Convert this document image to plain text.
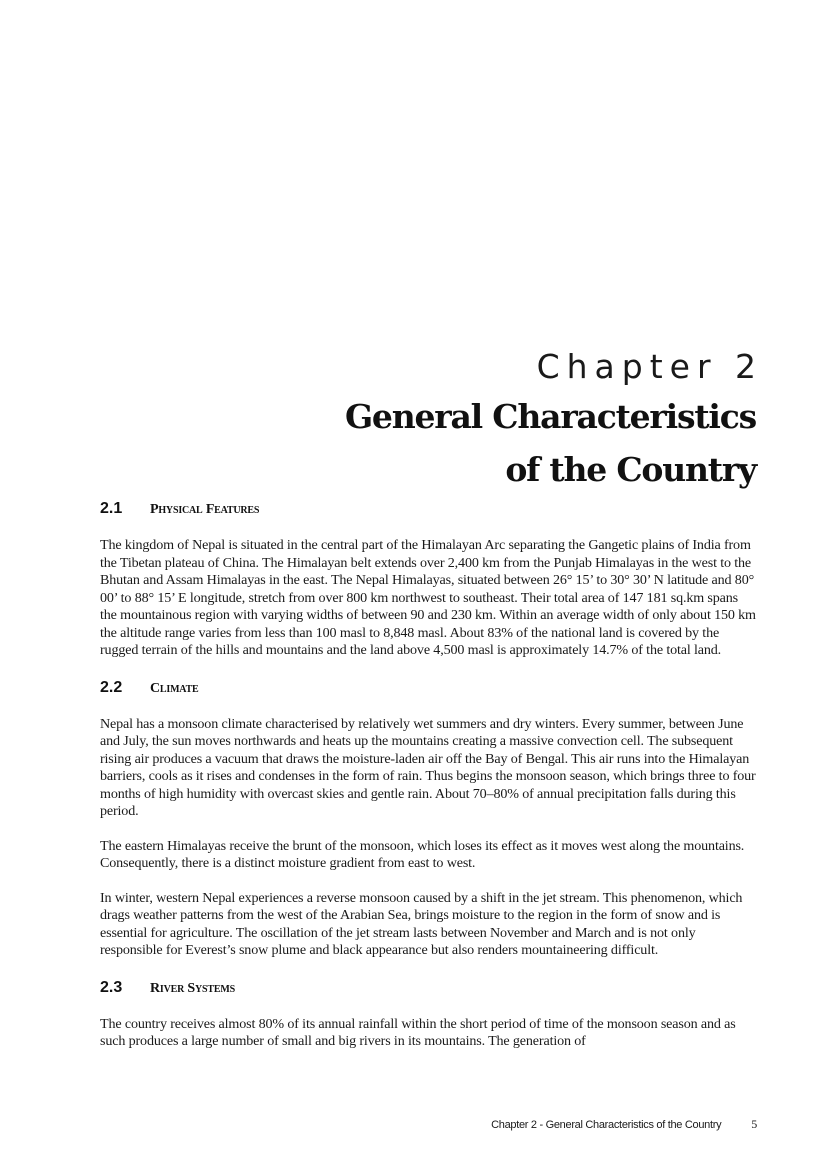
Chapter 2
General Characteristics
of the Country
2.1	Physical Features

The kingdom of Nepal is situated in the central part of the Himalayan Arc separating the Gangetic plains of India from the Tibetan plateau of China. The Himalayan belt extends over 2,400 km from the Punjab Himalayas in the west to the Bhutan and Assam Himalayas in the east. The Nepal Himalayas, situated between 26° 15’ to 30° 30’ N latitude and 80° 00’ to 88° 15’ E longitude, stretch from over 800 km northwest to southeast. Their total area of 147 181 sq.km spans the mountainous region with varying widths of between 90 and 230 km. Within an average width of only about 150 km the altitude range varies from less than 100 masl to 8,848 masl. About 83% of the national land is covered by the rugged terrain of the hills and mountains and the land above 4,500 masl is approximately 14.7% of the total land.

2.2	Climate

Nepal has a monsoon climate characterised by relatively wet summers and dry winters. Every summer, between June and July, the sun moves northwards and heats up the mountains creating a massive convection cell. The subsequent rising air produces a vacuum that draws the moisture-laden air off the Bay of Bengal. This air runs into the Himalayan barriers, cools as it rises and condenses in the form of rain. Thus begins the monsoon season, which brings three to four months of high humidity with overcast skies and gentle rain. About 70–80% of annual precipitation falls during this period.

The eastern Himalayas receive the brunt of the monsoon, which loses its effect as it moves west along the mountains. Consequently, there is a distinct moisture gradient from east to west.

In winter, western Nepal experiences a reverse monsoon caused by a shift in the jet stream. This phenomenon, which drags weather patterns from the west of the Arabian Sea, brings moisture to the region in the form of snow and is essential for agriculture. The oscillation of the jet stream lasts between November and March and is not only responsible for Everest’s snow plume and black appearance but also renders mountaineering difficult.

2.3	River Systems

The country receives almost 80% of its annual rainfall within the short period of time of the monsoon season and as such produces a large number of small and big rivers in its mountains. The generation of

Chapter 2 - General Characteristics of the Country	5
